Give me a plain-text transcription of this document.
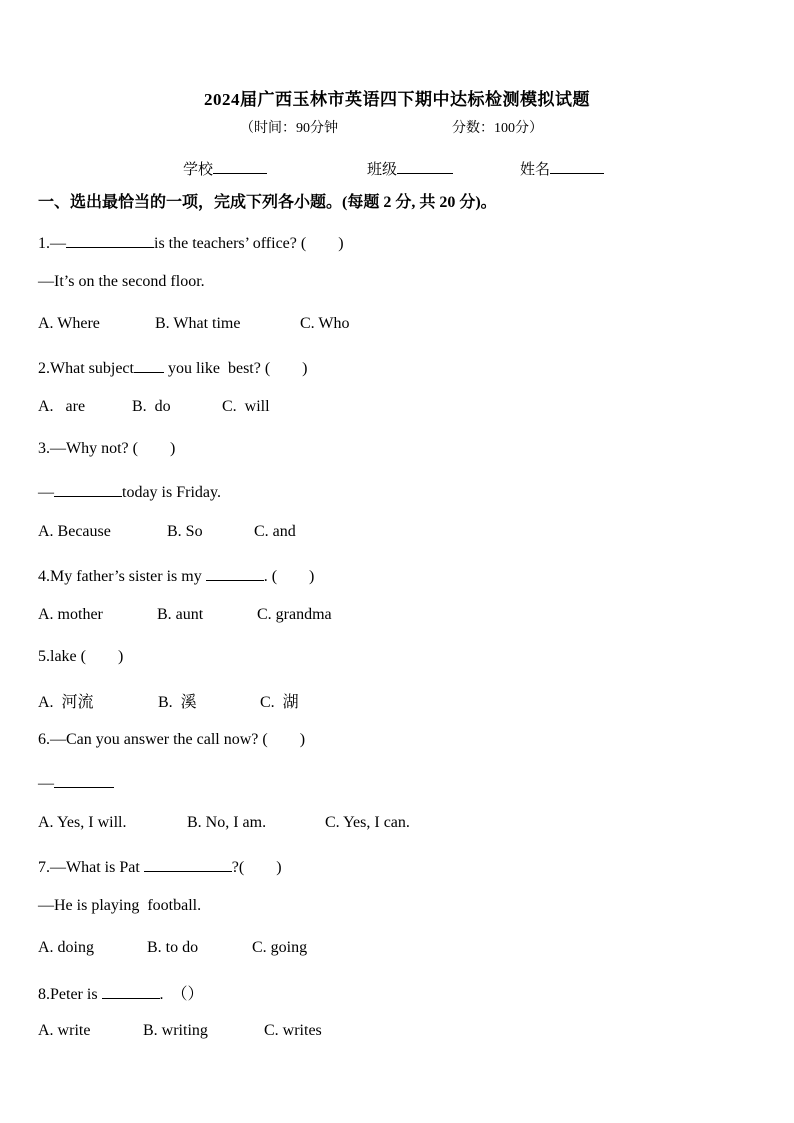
2024届广西玉林市英语四下期中达标检测模拟试题
（时间：90分钟	分数：100分）
学校	班级	姓名
一、选出最恰当的一项，完成下列各小题。(每题 2 分, 共 20 分)。
1.—	is the teachers’ office? (        )
—It’s on the second floor.
A. Where	B. What time	C. Who
2.What subject you like  best? (        )
A.   are	B.  do	C.  will
3.—Why not? (        )
—	today is Friday.
A. Because	B. So	C. and
4.My father’s sister is my	. (        )
A. mother	B. aunt	C. grandma
5.lake (        )
A.  河流	B.  溪	C.  湖
6.—Can you answer the call now? (        )
—
A. Yes, I will.	B. No, I am.	C. Yes, I can.
7.—What is Pat	?(        )
—He is playing  football.
A. doing	B. to do	C. going
8.Peter is	.  （）
A. write	B. writing	C. writes
